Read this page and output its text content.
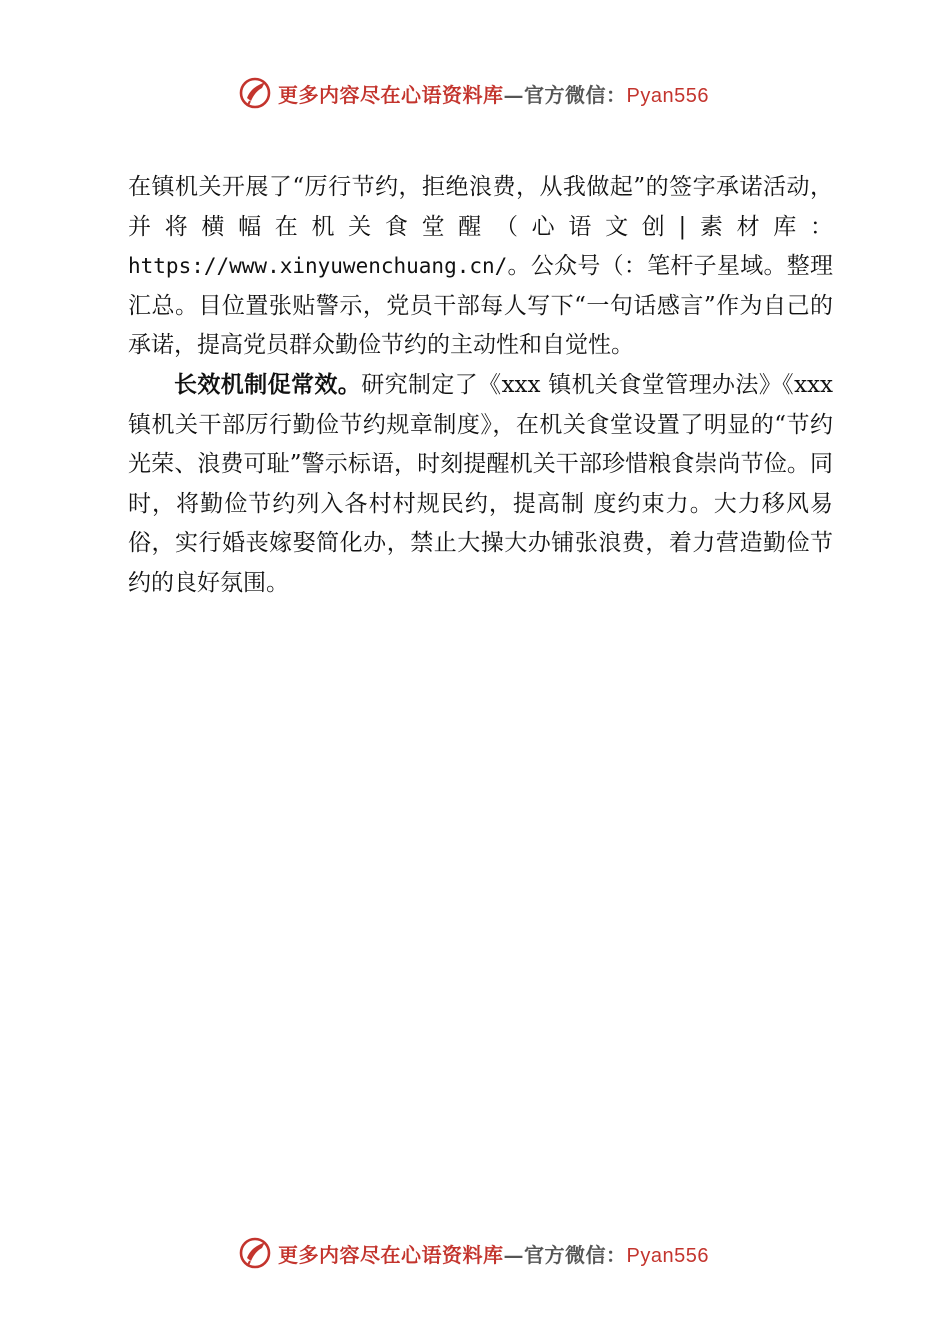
更多内容尽在心语资料库—官方微信：Pyan556

在镇机关开展了“厉行节约，拒绝浪费，从我做起”的签字承诺活动，并将横幅在机关食堂醒（心语文创|素材库：https://www.xinyuwenchuang.cn/。公众号（：笔杆子星域。整理汇总。目位置张贴警示，党员干部每人写下“一句话感言”作为自己的承诺，提高党员群众勤俭节约的主动性和自觉性。

长效机制促常效。研究制定了《xxx 镇机关食堂管理办法》《xxx 镇机关干部厉行勤俭节约规章制度》，在机关食堂设置了明显的“节约光荣、浪费可耻”警示标语，时刻提醒机关干部珍惜粮食崇尚节俭。同时，将勤俭节约列入各村村规民约，提高制 度约束力。大力移风易俗，实行婚丧嫁娶简化办，禁止大操大办铺张浪费，着力营造勤俭节约的良好氛围。

更多内容尽在心语资料库—官方微信：Pyan556
